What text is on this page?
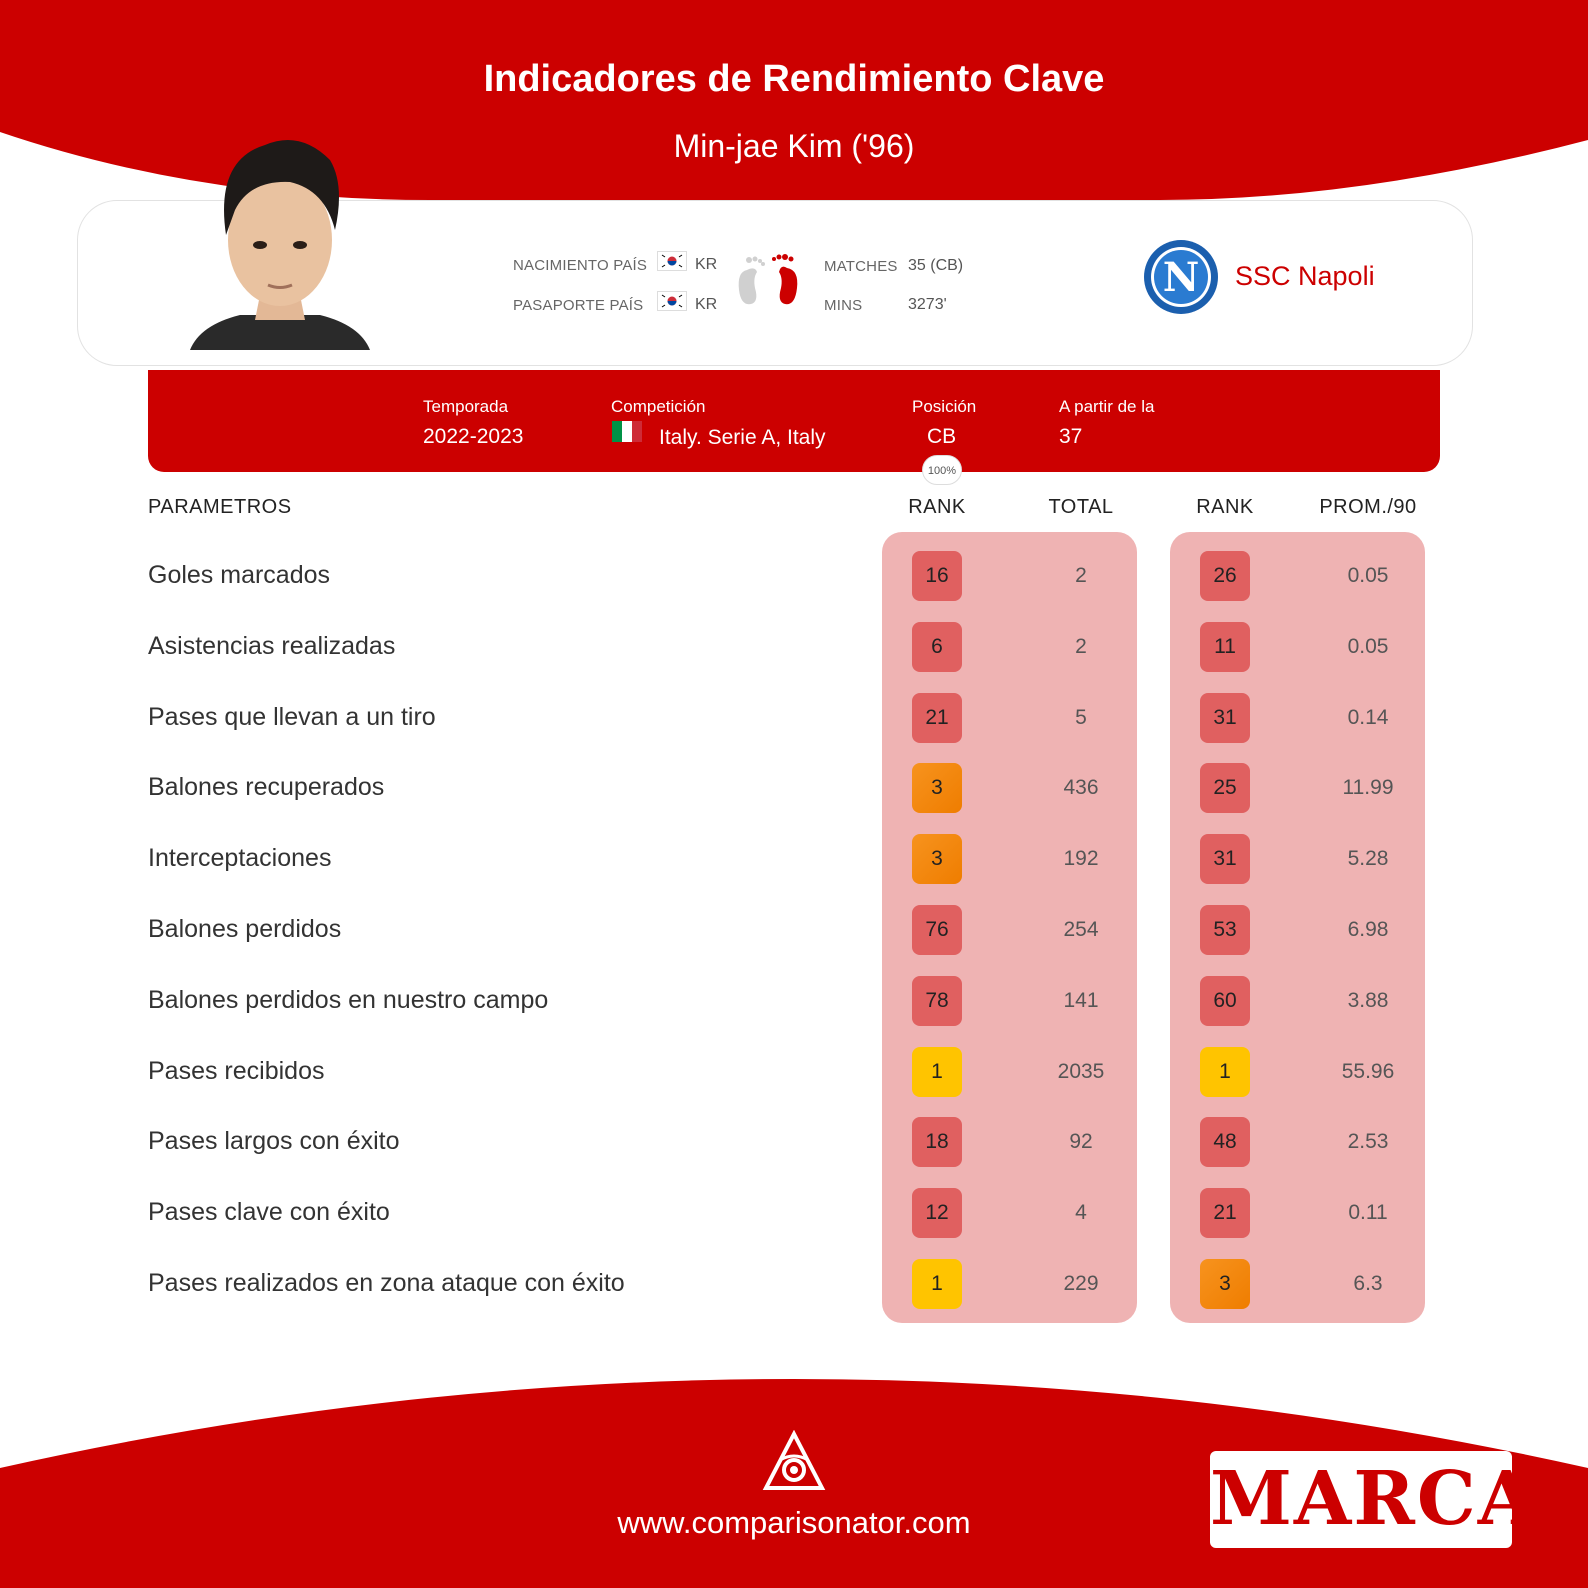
Indicadores de Rendimiento Clave
Min-jae Kim ('96)
NACIMIENTO PAÍS	KR
PASAPORTE PAÍS	KR
MATCHES 35 (CB)
MINS	3273'
N SSC Napoli
Temporada
2022-2023
Competición
Italy. Serie A, Italy
Posición
CB
A partir de la
37
100%
PARAMETROS	RANK	TOTAL	RANK	PROM./90
Goles marcados	16	2	26	0.05
Asistencias realizadas	6	2	11	0.05
Pases que llevan a un tiro	21	5	31	0.14
Balones recuperados	3	436	25	11.99
Interceptaciones	3	192	31	5.28
Balones perdidos	76	254	53	6.98
Balones perdidos en nuestro campo	78	141	60	3.88
Pases recibidos	1	2035	1	55.96
Pases largos con éxito	18	92	48	2.53
Pases clave con éxito	12	4	21	0.11
Pases realizados en zona ataque con éxito	1	229	3	6.3
www.comparisonator.com	MARCA
